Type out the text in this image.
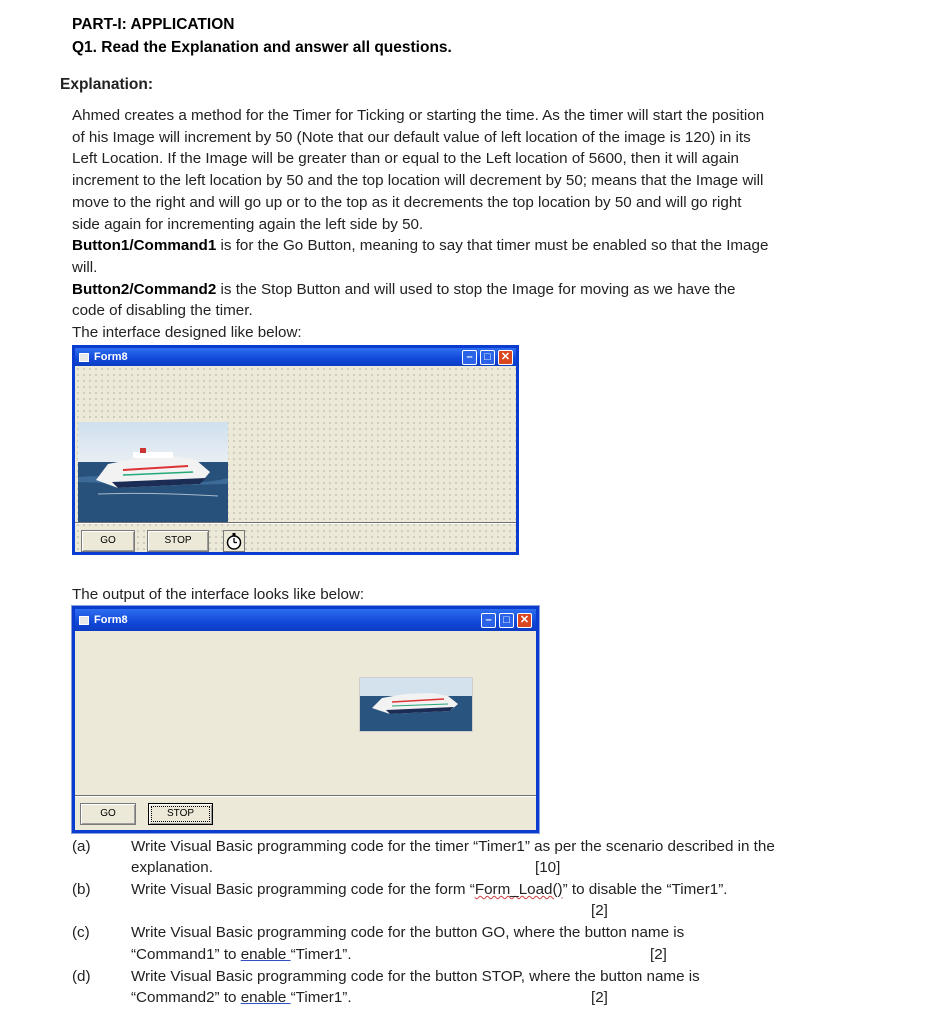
PART-I: APPLICATION
Q1. Read the Explanation and answer all questions.
Explanation:
Ahmed creates a method for the Timer for Ticking or starting the time. As the timer will start the position
of his Image will increment by 50 (Note that our default value of left location of the image is 120) in its
Left Location. If the Image will be greater than or equal to the Left location of 5600, then it will again
increment to the left location by 50 and the top location will decrement by 50; means that the Image will
move to the right and will go up or to the top as it decrements the top location by 50 and will go right
side again for incrementing again the left side by 50.
Button1/Command1 is for the Go Button, meaning to say that timer must be enabled so that the Image
will.
Button2/Command2 is the Stop Button and will used to stop the Image for moving as we have the
code of disabling the timer.
The interface designed like below:
Form8	–	□ ✕
GO	STOP
The output of the interface looks like below:
Form8	–	□ ✕
GO	STOP
(a)	Write Visual Basic programming code for the timer “Timer1” as per the scenario described in the
explanation.	[10]
(b)	Write Visual Basic programming code for the form “Form_Load()” to disable the “Timer1”.
[2]
(c)	Write Visual Basic programming code for the button GO, where the button name is
“Command1” to enable “Timer1”.	[2]
(d)	Write Visual Basic programming code for the button STOP, where the button name is
“Command2” to enable “Timer1”.	[2]
